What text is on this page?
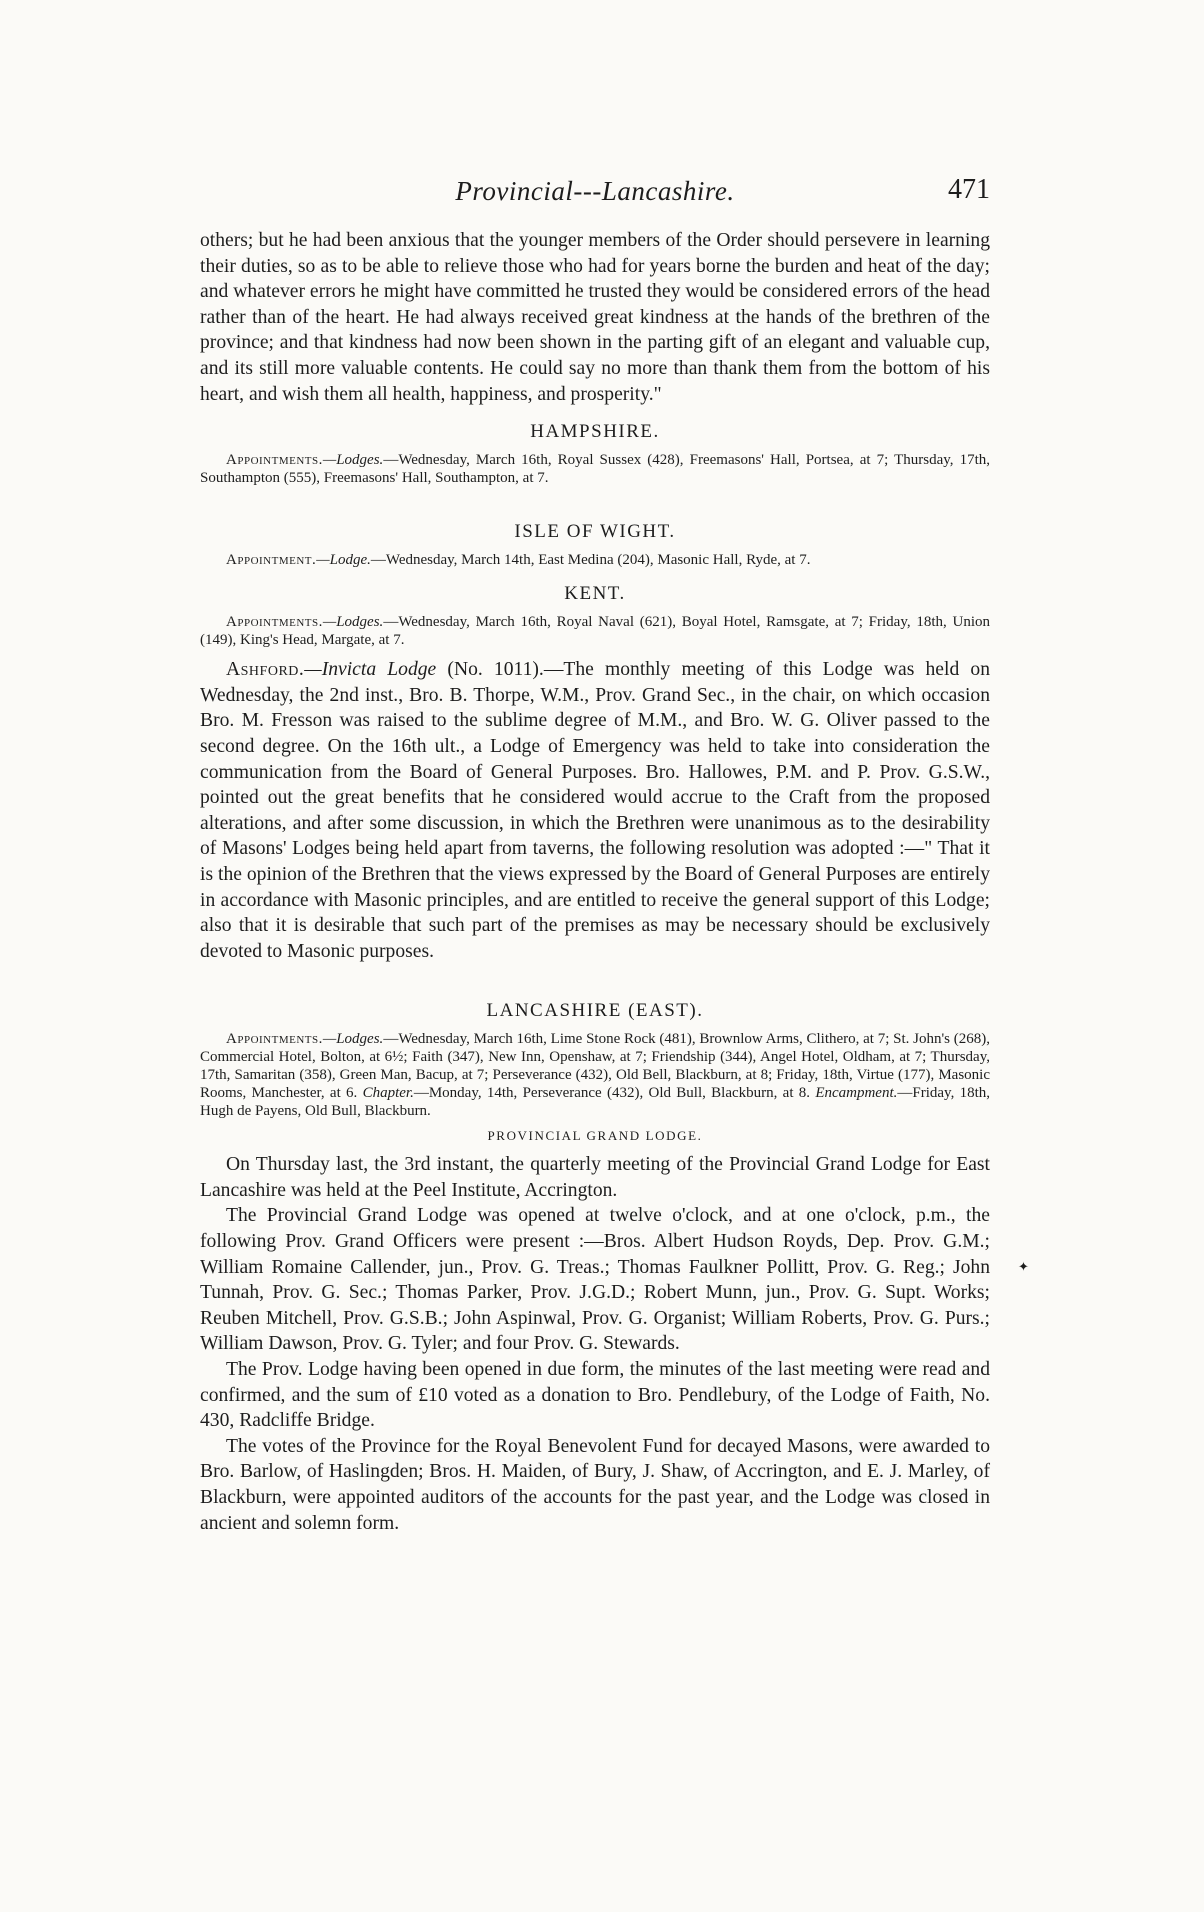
Provincial---Lancashire.	471

others; but he had been anxious that the younger members of the Order should persevere in learning their duties, so as to be able to relieve those who had for years borne the burden and heat of the day; and whatever errors he might have committed he trusted they would be considered errors of the head rather than of the heart. He had always received great kindness at the hands of the brethren of the province; and that kindness had now been shown in the parting gift of an elegant and valuable cup, and its still more valuable contents. He could say no more than thank them from the bottom of his heart, and wish them all health, happiness, and prosperity."

HAMPSHIRE.

Appointments.—Lodges.—Wednesday, March 16th, Royal Sussex (428), Freemasons' Hall, Portsea, at 7; Thursday, 17th, Southampton (555), Freemasons' Hall, Southampton, at 7.

ISLE OF WIGHT.

Appointment.—Lodge.—Wednesday, March 14th, East Medina (204), Masonic Hall, Ryde, at 7.

KENT.

Appointments.—Lodges.—Wednesday, March 16th, Royal Naval (621), Boyal Hotel, Ramsgate, at 7; Friday, 18th, Union (149), King's Head, Margate, at 7.

Ashford.—Invicta Lodge (No. 1011).—The monthly meeting of this Lodge was held on Wednesday, the 2nd inst., Bro. B. Thorpe, W.M., Prov. Grand Sec., in the chair, on which occasion Bro. M. Fresson was raised to the sublime degree of M.M., and Bro. W. G. Oliver passed to the second degree. On the 16th ult., a Lodge of Emergency was held to take into consideration the communication from the Board of General Purposes. Bro. Hallowes, P.M. and P. Prov. G.S.W., pointed out the great benefits that he considered would accrue to the Craft from the proposed alterations, and after some discussion, in which the Brethren were unanimous as to the desirability of Masons' Lodges being held apart from taverns, the following resolution was adopted :—" That it is the opinion of the Brethren that the views expressed by the Board of General Purposes are entirely in accordance with Masonic principles, and are entitled to receive the general support of this Lodge; also that it is desirable that such part of the premises as may be necessary should be exclusively devoted to Masonic purposes.

LANCASHIRE (EAST).

Appointments.—Lodges.—Wednesday, March 16th, Lime Stone Rock (481), Brownlow Arms, Clithero, at 7; St. John's (268), Commercial Hotel, Bolton, at 6½; Faith (347), New Inn, Openshaw, at 7; Friendship (344), Angel Hotel, Oldham, at 7; Thursday, 17th, Samaritan (358), Green Man, Bacup, at 7; Perseverance (432), Old Bell, Blackburn, at 8; Friday, 18th, Virtue (177), Masonic Rooms, Manchester, at 6. Chapter.—Monday, 14th, Perseverance (432), Old Bull, Blackburn, at 8. Encampment.—Friday, 18th, Hugh de Payens, Old Bull, Blackburn.

PROVINCIAL GRAND LODGE.

On Thursday last, the 3rd instant, the quarterly meeting of the Provincial Grand Lodge for East Lancashire was held at the Peel Institute, Accrington.

The Provincial Grand Lodge was opened at twelve o'clock, and at one o'clock, p.m., the following Prov. Grand Officers were present :—Bros. Albert Hudson Royds, Dep. Prov. G.M.; William Romaine Callender, jun., Prov. G. Treas.; Thomas Faulkner Pollitt, Prov. G. Reg.; John Tunnah, Prov. G. Sec.; Thomas Parker, Prov. J.G.D.; Robert Munn, jun., Prov. G. Supt. Works; Reuben Mitchell, Prov. G.S.B.; John Aspinwal, Prov. G. Organist; William Roberts, Prov. G. Purs.; William Dawson, Prov. G. Tyler; and four Prov. G. Stewards.

The Prov. Lodge having been opened in due form, the minutes of the last meeting were read and confirmed, and the sum of £10 voted as a donation to Bro. Pendlebury, of the Lodge of Faith, No. 430, Radcliffe Bridge.

The votes of the Province for the Royal Benevolent Fund for decayed Masons, were awarded to Bro. Barlow, of Haslingden; Bros. H. Maiden, of Bury, J. Shaw, of Accrington, and E. J. Marley, of Blackburn, were appointed auditors of the accounts for the past year, and the Lodge was closed in ancient and solemn form.

✦
